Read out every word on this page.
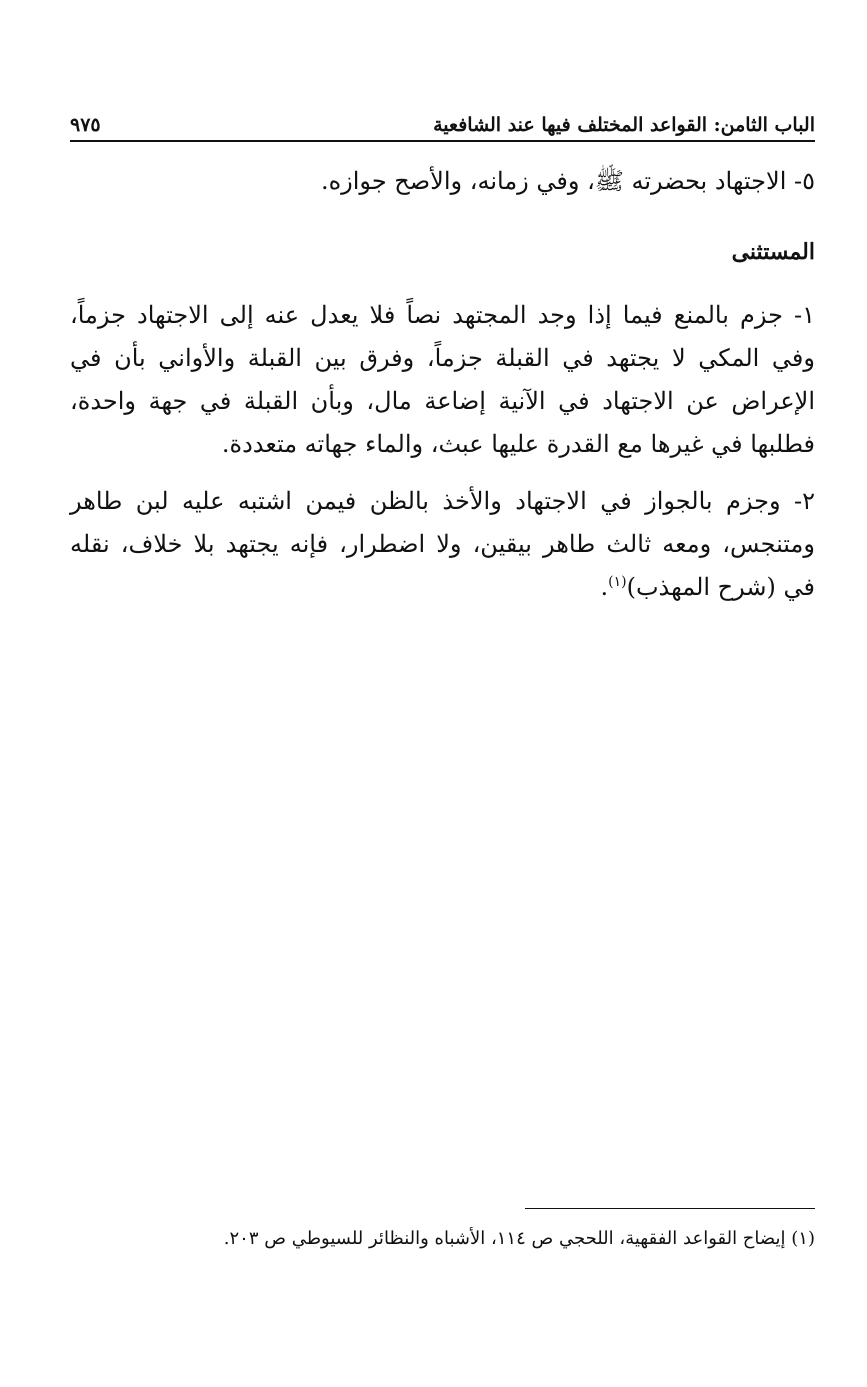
الباب الثامن: القواعد المختلف فيها عند الشافعية
٩٧٥

٥- الاجتهاد بحضرته ﷺ، وفي زمانه، والأصح جوازه.

المستثنى

١- جزم بالمنع فيما إذا وجد المجتهد نصاً فلا يعدل عنه إلى الاجتهاد جزماً، وفي المكي لا يجتهد في القبلة جزماً، وفرق بين القبلة والأواني بأن في الإعراض عن الاجتهاد في الآنية إضاعة مال، وبأن القبلة في جهة واحدة، فطلبها في غيرها مع القدرة عليها عبث، والماء جهاته متعددة.

٢- وجزم بالجواز في الاجتهاد والأخذ بالظن فيمن اشتبه عليه لبن طاهر ومتنجس، ومعه ثالث طاهر بيقين، ولا اضطرار، فإنه يجتهد بلا خلاف، نقله في (شرح المهذب)$^{(١)}$.

(١) إيضاح القواعد الفقهية، اللحجي ص ١١٤، الأشباه والنظائر للسيوطي ص ٢٠٣.
